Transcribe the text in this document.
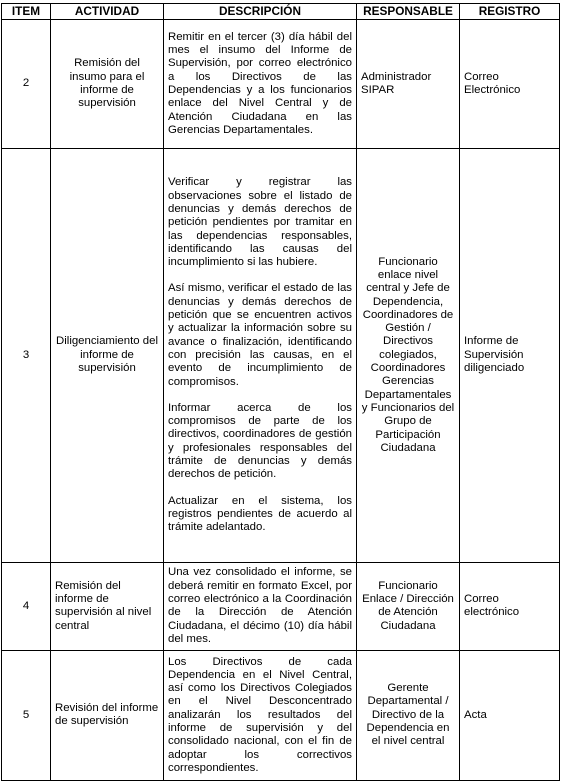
ITEM	ACTIVIDAD	DESCRIPCIÓN	RESPONSABLE	REGISTRO
2	Remisión del insumo para el informe de supervisión	Remitir en el tercer (3) día hábil del mes el insumo del Informe de Supervisión, por correo electrónico a los Directivos de las Dependencias y a los funcionarios enlace del Nivel Central y de Atención Ciudadana en las Gerencias Departamentales.	Administrador SIPAR	Correo Electrónico
3	Diligenciamiento del informe de supervisión	Verificar y registrar las observaciones sobre el listado de denuncias y demás derechos de petición pendientes por tramitar en las dependencias responsables, identificando las causas del incumplimiento si las hubiere.

Así mismo, verificar el estado de las denuncias y demás derechos de petición que se encuentren activos y actualizar la información sobre su avance o finalización, identificando con precisión las causas, en el evento de incumplimiento de compromisos.

Informar acerca de los compromisos de parte de los directivos, coordinadores de gestión y profesionales responsables del trámite de denuncias y demás derechos de petición.

Actualizar en el sistema, los registros pendientes de acuerdo al trámite adelantado.	Funcionario enlace nivel central y Jefe de Dependencia, Coordinadores de Gestión / Directivos colegiados, Coordinadores Gerencias Departamentales y Funcionarios del Grupo de Participación Ciudadana	Informe de Supervisión diligenciado
4	Remisión del informe de supervisión al nivel central	Una vez consolidado el informe, se deberá remitir en formato Excel, por correo electrónico a la Coordinación de la Dirección de Atención Ciudadana, el décimo (10) día hábil del mes.	Funcionario Enlace / Dirección de Atención Ciudadana	Correo electrónico
5	Revisión del informe de supervisión	Los Directivos de cada Dependencia en el Nivel Central, así como los Directivos Colegiados en el Nivel Desconcentrado analizarán los resultados del informe de supervisión y del consolidado nacional, con el fin de adoptar los correctivos correspondientes.	Gerente Departamental / Directivo de la Dependencia en el nivel central	Acta
